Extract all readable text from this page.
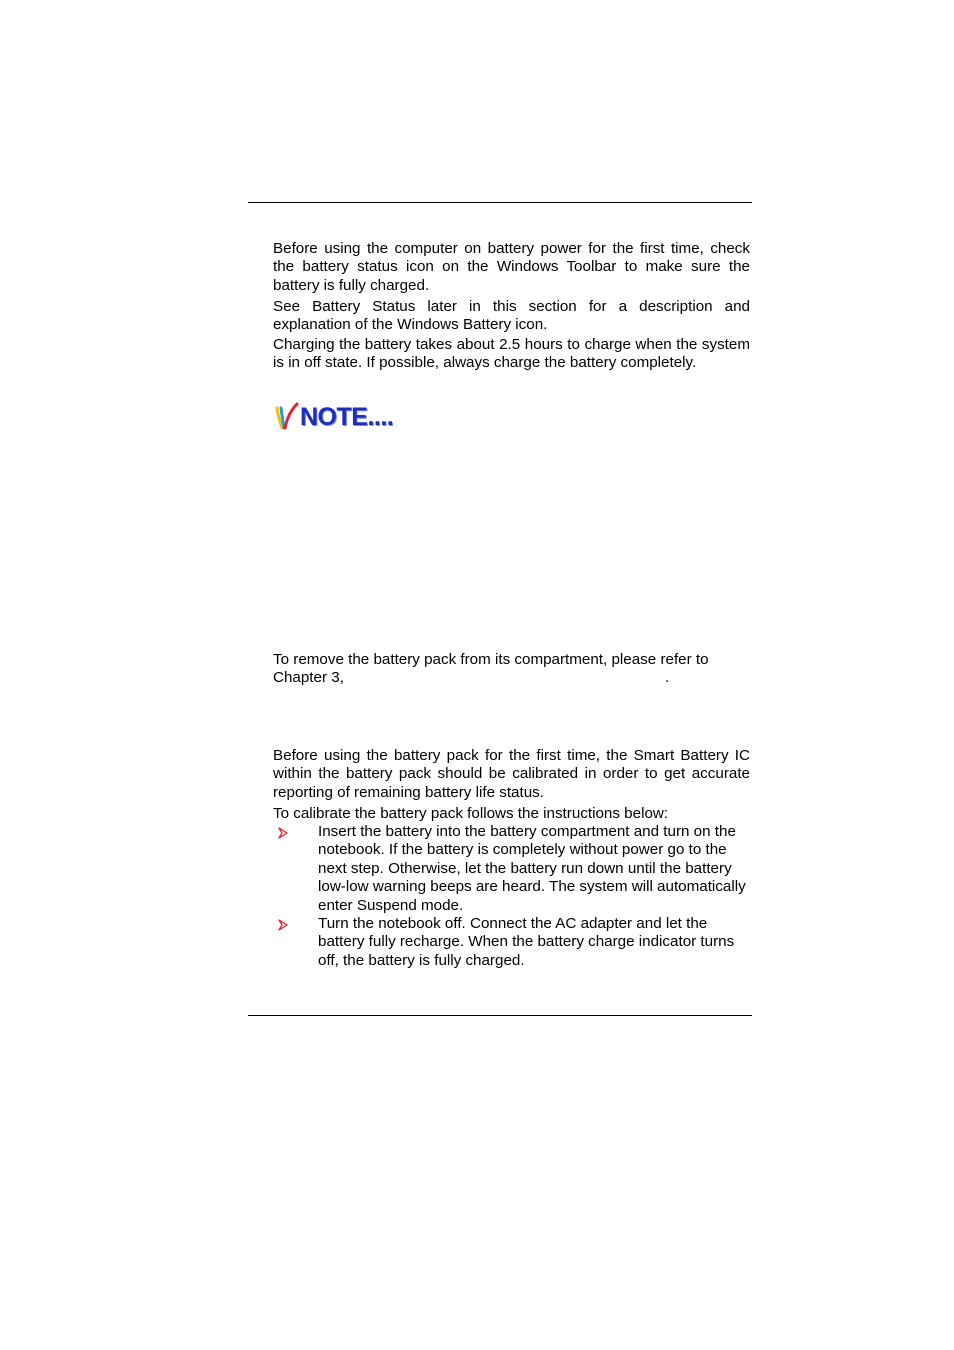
Before using the computer on battery power for the first time, check the battery status icon on the Windows Toolbar to make sure the battery is fully charged.

See Battery Status later in this section for a description and explanation of the Windows Battery icon.

Charging the battery takes about 2.5 hours to charge when the system is in off state. If possible, always charge the battery completely.

NOTE....

To remove the battery pack from its compartment, please refer to

Chapter 3,	.

Before using the battery pack for the first time, the Smart Battery IC within the battery pack should be calibrated in order to get accurate reporting of remaining battery life status.

To calibrate the battery pack follows the instructions below:

Insert the battery into the battery compartment and turn on the notebook. If the battery is completely without power go to the next step. Otherwise, let the battery run down until the battery low-low warning beeps are heard. The system will automatically enter Suspend mode.

Turn the notebook off. Connect the AC adapter and let the battery fully recharge. When the battery charge indicator turns off, the battery is fully charged.
